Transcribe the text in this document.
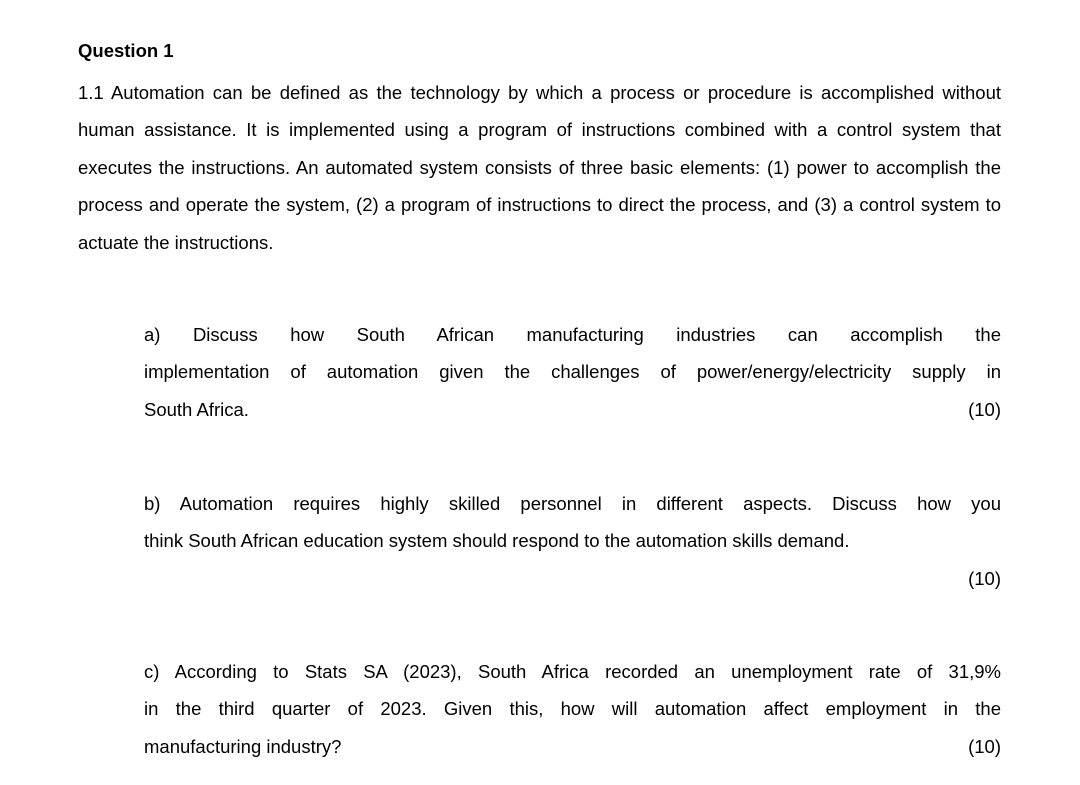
Question 1

1.1 Automation can be defined as the technology by which a process or procedure is accomplished without human assistance. It is implemented using a program of instructions combined with a control system that executes the instructions. An automated system consists of three basic elements: (1) power to accomplish the process and operate the system, (2) a program of instructions to direct the process, and (3) a control system to actuate the instructions.

a) Discuss how South African manufacturing industries can accomplish the
implementation of automation given the challenges of power/energy/electricity supply in
(10)
South Africa.
b) Automation requires highly skilled personnel in different aspects. Discuss how you
think South African education system should respond to the automation skills demand.
(10)
c) According to Stats SA (2023), South Africa recorded an unemployment rate of 31,9%
in the third quarter of 2023. Given this, how will automation affect employment in the
(10)
manufacturing industry?
